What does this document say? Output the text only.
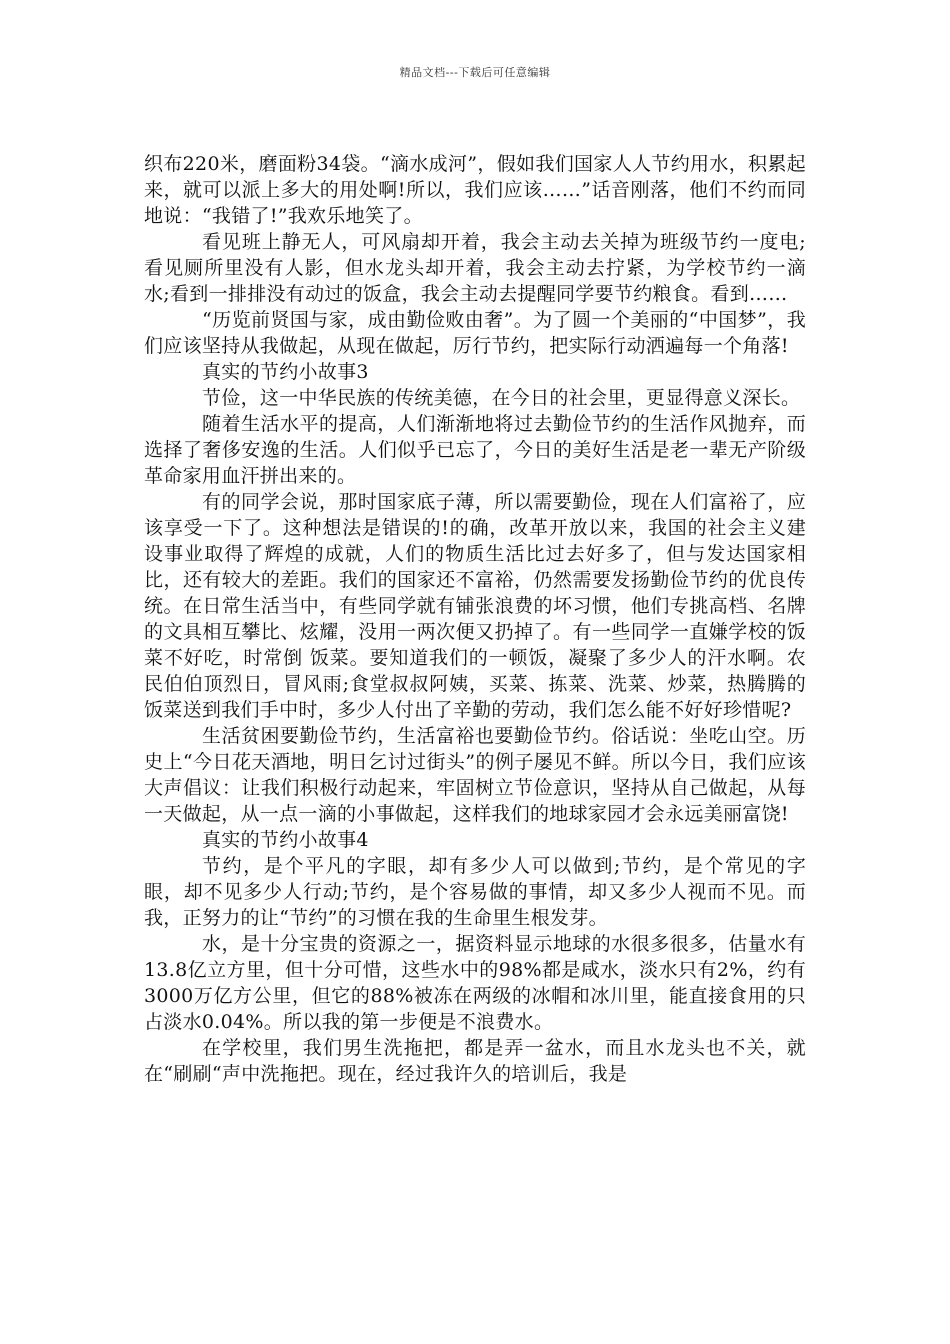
精品文档---下载后可任意编辑

织布220米，磨面粉34袋。“滴水成河”，假如我们国家人人节约用水，积累起来，就可以派上多大的用处啊!所以，我们应该……”话音刚落，他们不约而同地说：“我错了!”我欢乐地笑了。

看见班上静无人，可风扇却开着，我会主动去关掉为班级节约一度电;看见厕所里没有人影，但水龙头却开着，我会主动去拧紧，为学校节约一滴水;看到一排排没有动过的饭盒，我会主动去提醒同学要节约粮食。看到……

“历览前贤国与家，成由勤俭败由奢”。为了圆一个美丽的“中国梦”，我们应该坚持从我做起，从现在做起，厉行节约，把实际行动洒遍每一个角落!

真实的节约小故事3

节俭，这一中华民族的传统美德，在今日的社会里，更显得意义深长。

随着生活水平的提高，人们渐渐地将过去勤俭节约的生活作风抛弃，而选择了奢侈安逸的生活。人们似乎已忘了，今日的美好生活是老一辈无产阶级革命家用血汗拼出来的。

有的同学会说，那时国家底子薄，所以需要勤俭，现在人们富裕了，应该享受一下了。这种想法是错误的!的确，改革开放以来，我国的社会主义建设事业取得了辉煌的成就，人们的物质生活比过去好多了，但与发达国家相比，还有较大的差距。我们的国家还不富裕，仍然需要发扬勤俭节约的优良传统。在日常生活当中，有些同学就有铺张浪费的坏习惯，他们专挑高档、名牌的文具相互攀比、炫耀，没用一两次便又扔掉了。有一些同学一直嫌学校的饭菜不好吃，时常倒 饭菜。要知道我们的一顿饭，凝聚了多少人的汗水啊。农民伯伯顶烈日，冒风雨;食堂叔叔阿姨，买菜、拣菜、洗菜、炒菜，热腾腾的饭菜送到我们手中时，多少人付出了辛勤的劳动，我们怎么能不好好珍惜呢?

生活贫困要勤俭节约，生活富裕也要勤俭节约。俗话说：坐吃山空。历史上“今日花天酒地，明日乞讨过街头”的例子屡见不鲜。所以今日，我们应该大声倡议：让我们积极行动起来，牢固树立节俭意识，坚持从自己做起，从每一天做起，从一点一滴的小事做起，这样我们的地球家园才会永远美丽富饶!

真实的节约小故事4

节约，是个平凡的字眼，却有多少人可以做到;节约，是个常见的字眼，却不见多少人行动;节约，是个容易做的事情，却又多少人视而不见。而我，正努力的让“节约”的习惯在我的生命里生根发芽。

水，是十分宝贵的资源之一，据资料显示地球的水很多很多，估量水有13.8亿立方里，但十分可惜，这些水中的98%都是咸水，淡水只有2%，约有3000万亿方公里，但它的88%被冻在两级的冰帽和冰川里，能直接食用的只占淡水0.04%。所以我的第一步便是不浪费水。

在学校里，我们男生洗拖把，都是弄一盆水，而且水龙头也不关，就在“刷刷“声中洗拖把。现在，经过我许久的培训后，我是
